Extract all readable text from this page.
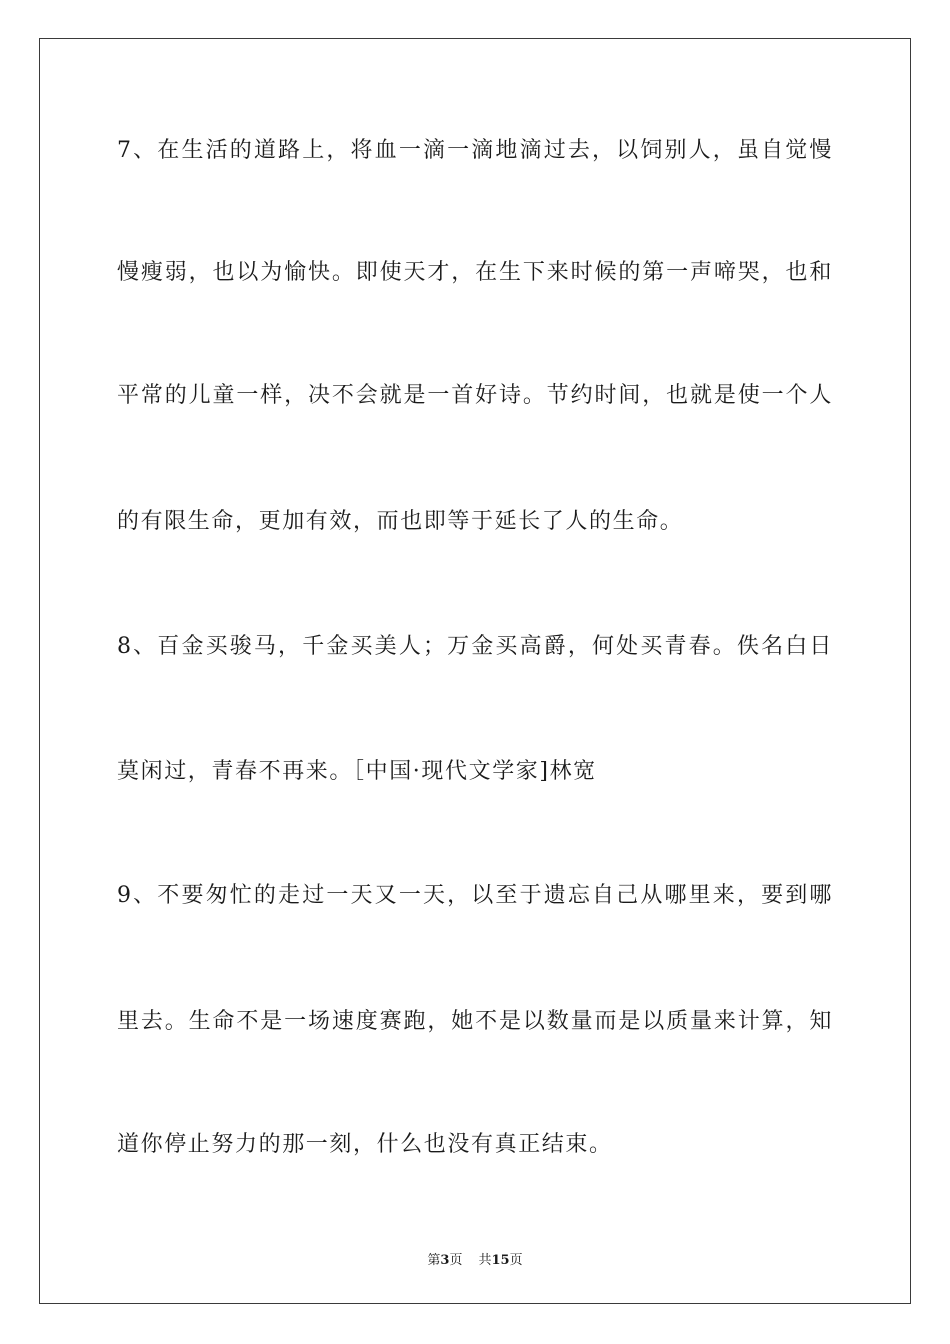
7、在生活的道路上，将血一滴一滴地滴过去，以饲别人，虽自觉慢
慢瘦弱，也以为愉快。即使天才，在生下来时候的第一声啼哭，也和
平常的儿童一样，决不会就是一首好诗。节约时间，也就是使一个人
的有限生命，更加有效，而也即等于延长了人的生命。
8、百金买骏马，千金买美人；万金买高爵，何处买青春。佚名白日
莫闲过，青春不再来。［中国·现代文学家]林宽
9、不要匆忙的走过一天又一天，以至于遗忘自己从哪里来，要到哪
里去。生命不是一场速度赛跑，她不是以数量而是以质量来计算，知
道你停止努力的那一刻，什么也没有真正结束。
第3页 共15页
